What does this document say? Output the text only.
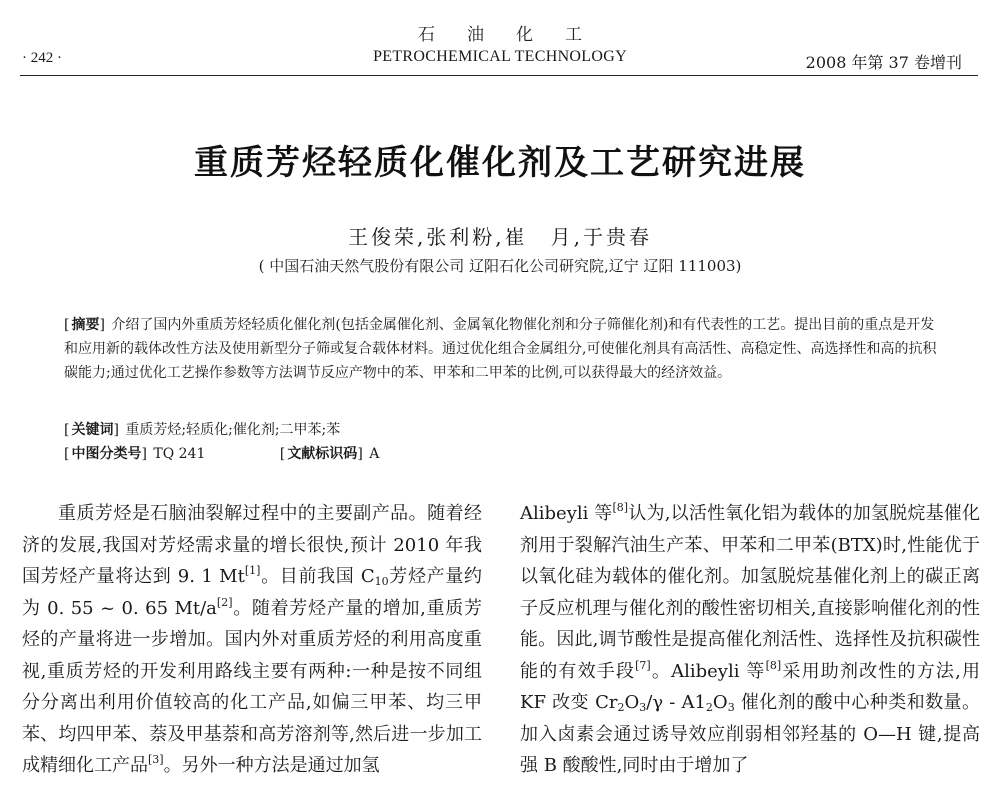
石油化工
· 242 ·	PETROCHEMICAL TECHNOLOGY	2008 年第 37 卷增刊
重质芳烃轻质化催化剂及工艺研究进展
王俊荣,张利粉,崔　月,于贵春
( 中国石油天然气股份有限公司 辽阳石化公司研究院,辽宁 辽阳 111003)
[ 摘要] 介绍了国内外重质芳烃轻质化催化剂(包括金属催化剂、金属氧化物催化剂和分子筛催化剂)和有代表性的工艺。提出目前的重点是开发和应用新的载体改性方法及使用新型分子筛或复合载体材料。通过优化组合金属组分,可使催化剂具有高活性、高稳定性、高选择性和高的抗积碳能力;通过优化工艺操作参数等方法调节反应产物中的苯、甲苯和二甲苯的比例,可以获得最大的经济效益。
[ 关键词] 重质芳烃;轻质化;催化剂;二甲苯;苯
[ 中图分类号] TQ 241	[ 文献标识码] A
重质芳烃是石脑油裂解过程中的主要副产品。随着经济的发展,我国对芳烃需求量的增长很快,预计 2010 年我国芳烃产量将达到 9. 1 Mt[1]。目前我国 $C_{10}$芳烃产量约为 0. 55 ~ 0. 65 Mt/a[2]。随着芳烃产量的增加,重质芳烃的产量将进一步增加。国内外对重质芳烃的利用高度重视,重质芳烃的开发利用路线主要有两种:一种是按不同组分分离出利用价值较高的化工产品,如偏三甲苯、均三甲苯、均四甲苯、萘及甲基萘和高芳溶剂等,然后进一步加工成精细化工产品[3]。另外一种方法是通过加氢
Alibeyli 等[8]认为,以活性氧化铝为载体的加氢脱烷基催化剂用于裂解汽油生产苯、甲苯和二甲苯(BTX)时,性能优于以氧化硅为载体的催化剂。加氢脱烷基催化剂上的碳正离子反应机理与催化剂的酸性密切相关,直接影响催化剂的性能。因此,调节酸性是提高催化剂活性、选择性及抗积碳性能的有效手段[7]。Alibeyli 等[8]采用助剂改性的方法,用 KF 改变 $Cr_2O_3/\gamma - A1_2O_3$ 催化剂的酸中心种类和数量。加入卤素会通过诱导效应削弱相邻羟基的 O—H 键,提高强 B 酸酸性,同时由于增加了
